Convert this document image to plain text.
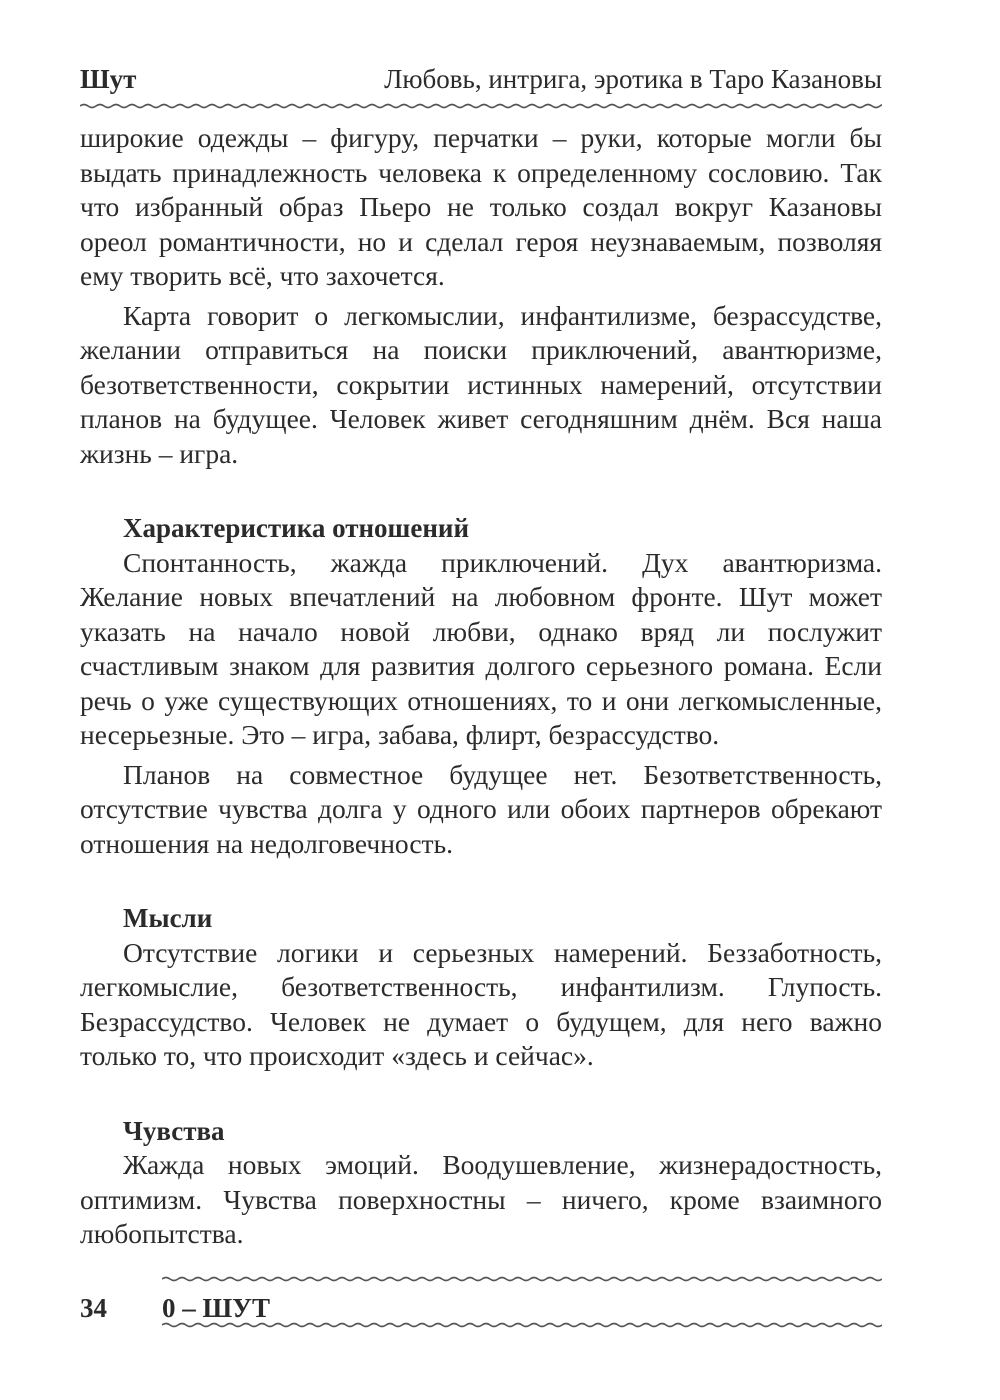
Шут	Любовь, интрига, эротика в Таро Казановы

широкие одежды – фигуру, перчатки – руки, которые могли бы выдать принадлежность человека к определенному сословию. Так что избранный образ Пьеро не только создал вокруг Казановы ореол романтичности, но и сделал героя неузнаваемым, позволяя ему творить всё, что захочется.

Карта говорит о легкомыслии, инфантилизме, безрассудстве, желании отправиться на поиски приключений, авантюризме, безответственности, сокрытии истинных намерений, отсутствии планов на будущее. Человек живет сегодняшним днём. Вся наша жизнь – игра.

Характеристика отношений

Спонтанность, жажда приключений. Дух авантюризма. Желание новых впечатлений на любовном фронте. Шут может указать на начало новой любви, однако вряд ли послужит счастливым знаком для развития долгого серьезного романа. Если речь о уже существующих отношениях, то и они легкомысленные, несерьезные. Это – игра, забава, флирт, безрассудство.

Планов на совместное будущее нет. Безответственность, отсутствие чувства долга у одного или обоих партнеров обрекают отношения на недолговечность.

Мысли

Отсутствие логики и серьезных намерений. Беззаботность, легкомыслие, безответственность, инфантилизм. Глупость. Безрассудство. Человек не думает о будущем, для него важно только то, что происходит «здесь и сейчас».

Чувства

Жажда новых эмоций. Воодушевление, жизнерадостность, оптимизм. Чувства поверхностны – ничего, кроме взаимного любопытства.

34	0 – ШУТ
